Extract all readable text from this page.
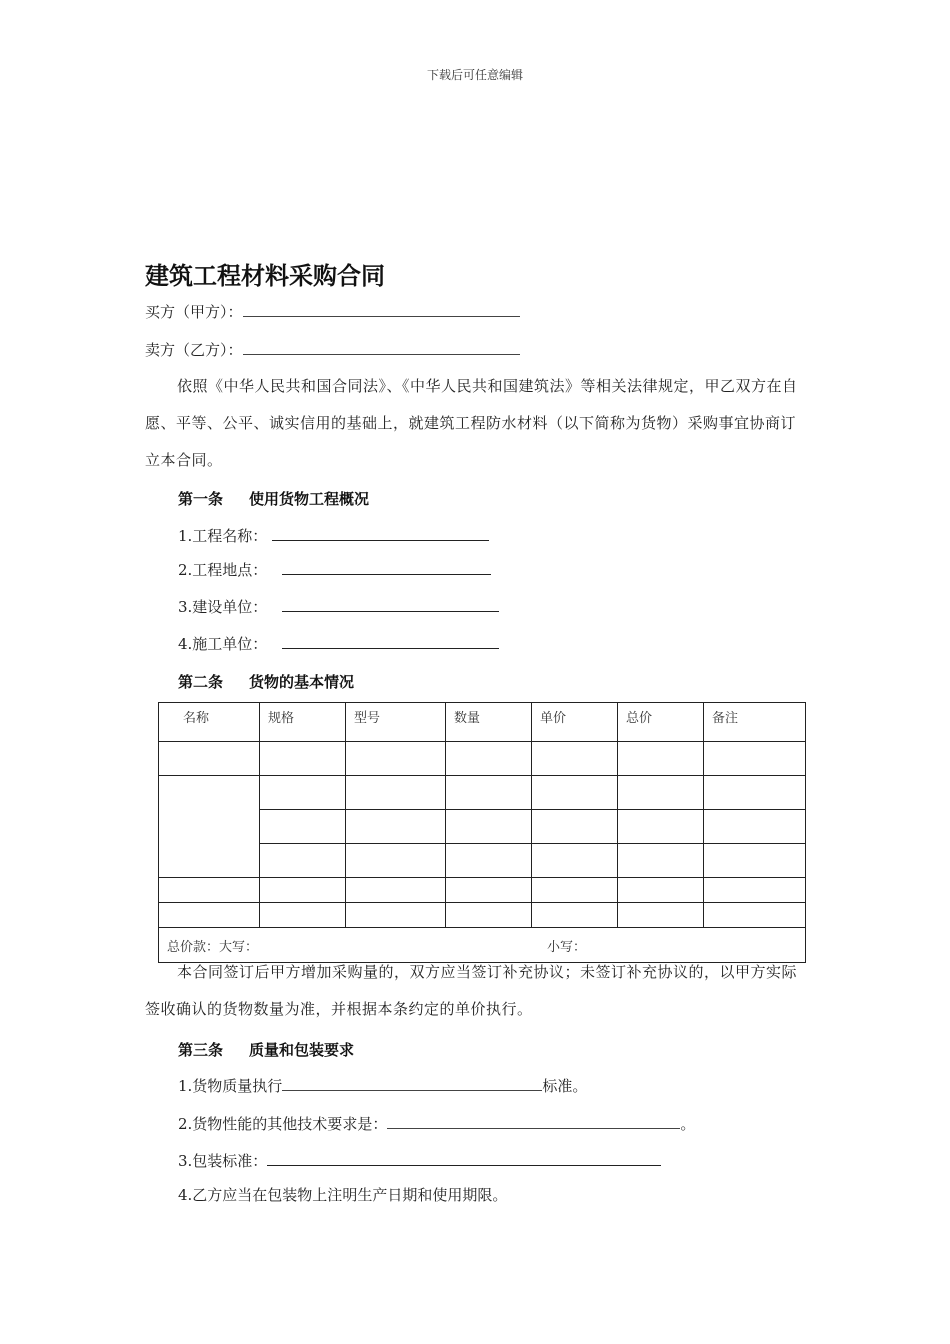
下载后可任意编辑
建筑工程材料采购合同
买方（甲方）：
卖方（乙方）：
依照《中华人民共和国合同法》、《中华人民共和国建筑法》等相关法律规定，甲乙双方在自愿、平等、公平、诚实信用的基础上，就建筑工程防水材料（以下简称为货物）采购事宜协商订立本合同。
第一条 使用货物工程概况
1.工程名称：
2.工程地点：
3.建设单位：
4.施工单位：
第二条 货物的基本情况
名称	规格	型号	数量	单价	总价	备注

总价款：大写： 小写：						
本合同签订后甲方增加采购量的，双方应当签订补充协议；未签订补充协议的，以甲方实际签收确认的货物数量为准，并根据本条约定的单价执行。
第三条 质量和包装要求
1.货物质量执行	标准。
2.货物性能的其他技术要求是：	。
3.包装标准：
4.乙方应当在包装物上注明生产日期和使用期限。
